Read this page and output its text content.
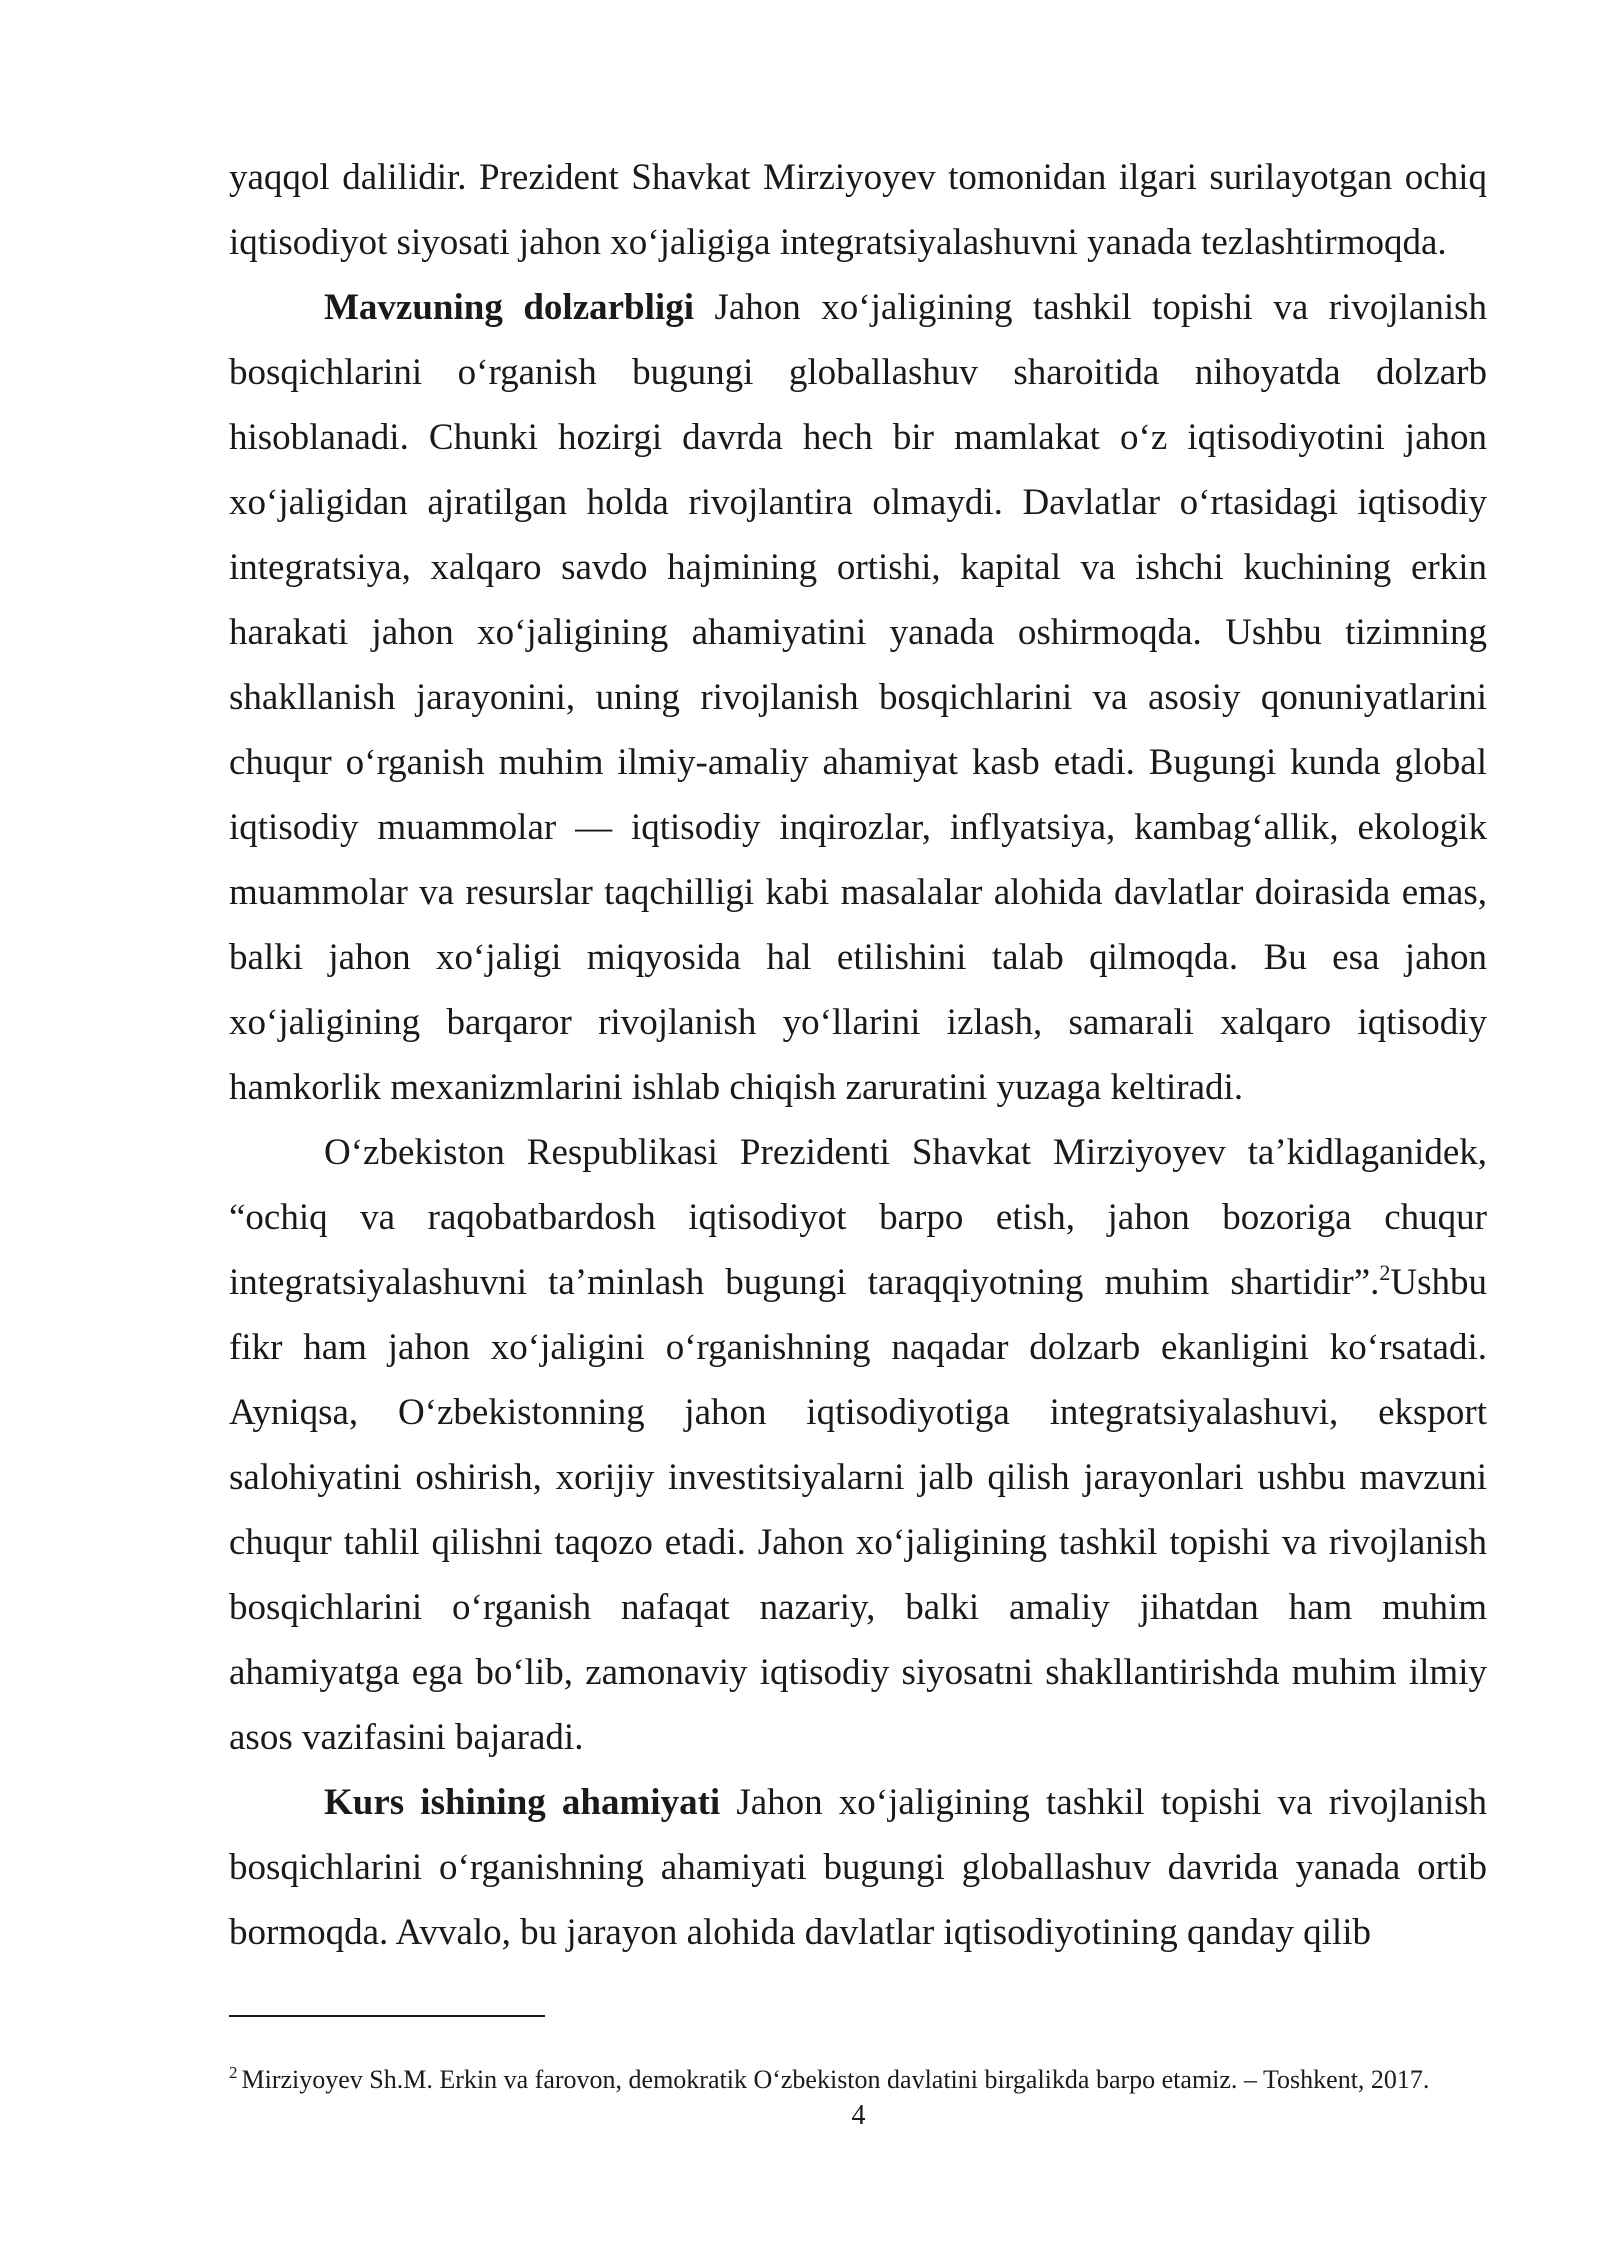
yaqqol dalilidir. Prezident Shavkat Mirziyoyev tomonidan ilgari surilayotgan ochiq iqtisodiyot siyosati jahon xo‘jaligiga integratsiyalashuvni yanada tezlashtirmoqda.

Mavzuning dolzarbligi Jahon xo‘jaligining tashkil topishi va rivojlanish bosqichlarini o‘rganish bugungi globallashuv sharoitida nihoyatda dolzarb hisoblanadi. Chunki hozirgi davrda hech bir mamlakat o‘z iqtisodiyotini jahon xo‘jaligidan ajratilgan holda rivojlantira olmaydi. Davlatlar o‘rtasidagi iqtisodiy integratsiya, xalqaro savdo hajmining ortishi, kapital va ishchi kuchining erkin harakati jahon xo‘jaligining ahamiyatini yanada oshirmoqda. Ushbu tizimning shakllanish jarayonini, uning rivojlanish bosqichlarini va asosiy qonuniyatlarini chuqur o‘rganish muhim ilmiy-amaliy ahamiyat kasb etadi. Bugungi kunda global iqtisodiy muammolar — iqtisodiy inqirozlar, inflyatsiya, kambag‘allik, ekologik muammolar va resurslar taqchilligi kabi masalalar alohida davlatlar doirasida emas, balki jahon xo‘jaligi miqyosida hal etilishini talab qilmoqda. Bu esa jahon xo‘jaligining barqaror rivojlanish yo‘llarini izlash, samarali xalqaro iqtisodiy hamkorlik mexanizmlarini ishlab chiqish zaruratini yuzaga keltiradi.

O‘zbekiston Respublikasi Prezidenti Shavkat Mirziyoyev ta’kidlaganidek, “ochiq va raqobatbardosh iqtisodiyot barpo etish, jahon bozoriga chuqur integratsiyalashuvni ta’minlash bugungi taraqqiyotning muhim shartidir”.$^2$Ushbu fikr ham jahon xo‘jaligini o‘rganishning naqadar dolzarb ekanligini ko‘rsatadi. Ayniqsa, O‘zbekistonning jahon iqtisodiyotiga integratsiyalashuvi, eksport salohiyatini oshirish, xorijiy investitsiyalarni jalb qilish jarayonlari ushbu mavzuni chuqur tahlil qilishni taqozo etadi. Jahon xo‘jaligining tashkil topishi va rivojlanish bosqichlarini o‘rganish nafaqat nazariy, balki amaliy jihatdan ham muhim ahamiyatga ega bo‘lib, zamonaviy iqtisodiy siyosatni shakllantirishda muhim ilmiy asos vazifasini bajaradi.

Kurs ishining ahamiyati Jahon xo‘jaligining tashkil topishi va rivojlanish bosqichlarini o‘rganishning ahamiyati bugungi globallashuv davrida yanada ortib bormoqda. Avvalo, bu jarayon alohida davlatlar iqtisodiyotining qanday qilib

$^2$ Mirziyoyev Sh.M. Erkin va farovon, demokratik O‘zbekiston davlatini birgalikda barpo etamiz. – Toshkent, 2017.
4
